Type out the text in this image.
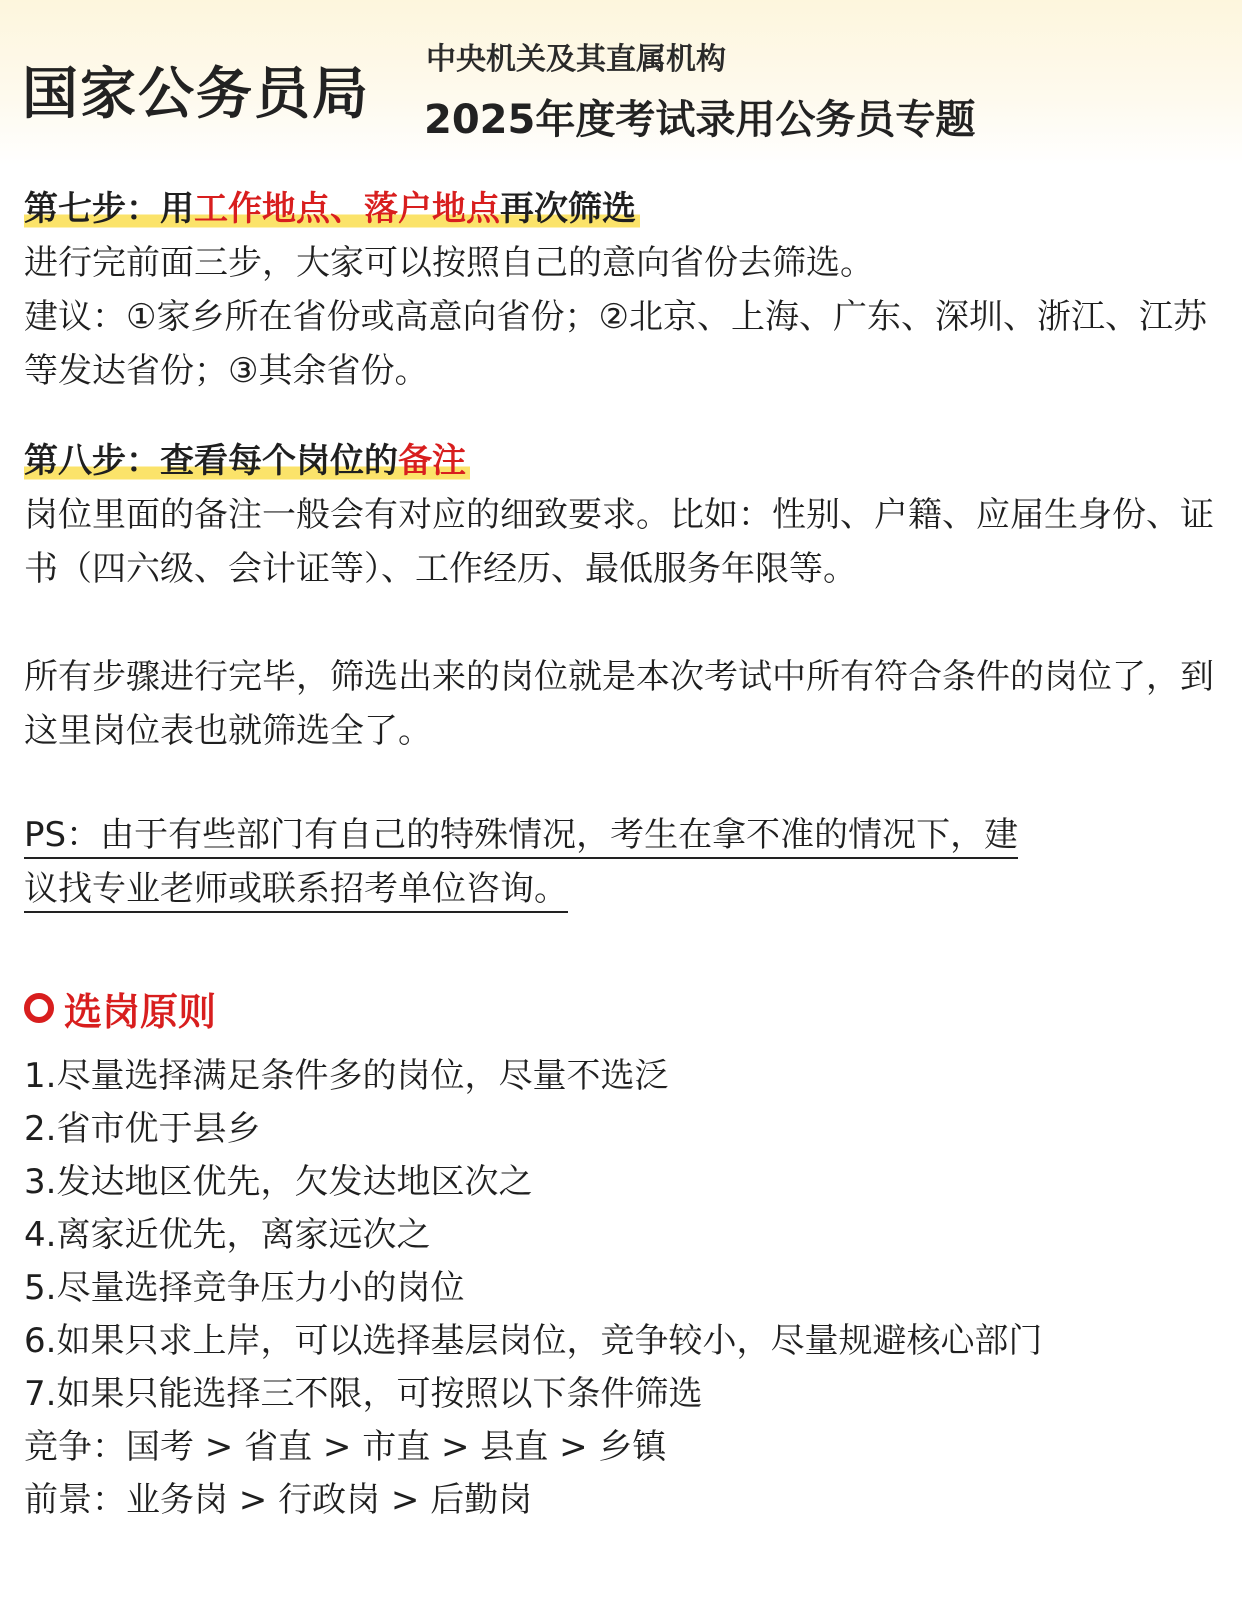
国家公务员局
中央机关及其直属机构
2025年度考试录用公务员专题
第七步：用工作地点、落户地点再次筛选
进行完前面三步，大家可以按照自己的意向省份去筛选。
建议：①家乡所在省份或高意向省份；②北京、上海、广东、深圳、浙江、江苏等发达省份；③其余省份。
第八步：查看每个岗位的备注
岗位里面的备注一般会有对应的细致要求。比如：性别、户籍、应届生身份、证书（四六级、会计证等）、工作经历、最低服务年限等。
所有步骤进行完毕，筛选出来的岗位就是本次考试中所有符合条件的岗位了，到这里岗位表也就筛选全了。
PS：由于有些部门有自己的特殊情况，考生在拿不准的情况下，建
议找专业老师或联系招考单位咨询。
选岗原则
1.尽量选择满足条件多的岗位，尽量不选泛
2.省市优于县乡
3.发达地区优先，欠发达地区次之
4.离家近优先，离家远次之
5.尽量选择竞争压力小的岗位
6.如果只求上岸，可以选择基层岗位，竞争较小，尽量规避核心部门
7.如果只能选择三不限，可按照以下条件筛选
竞争：国考 > 省直 > 市直 > 县直 > 乡镇
前景：业务岗 > 行政岗 > 后勤岗
